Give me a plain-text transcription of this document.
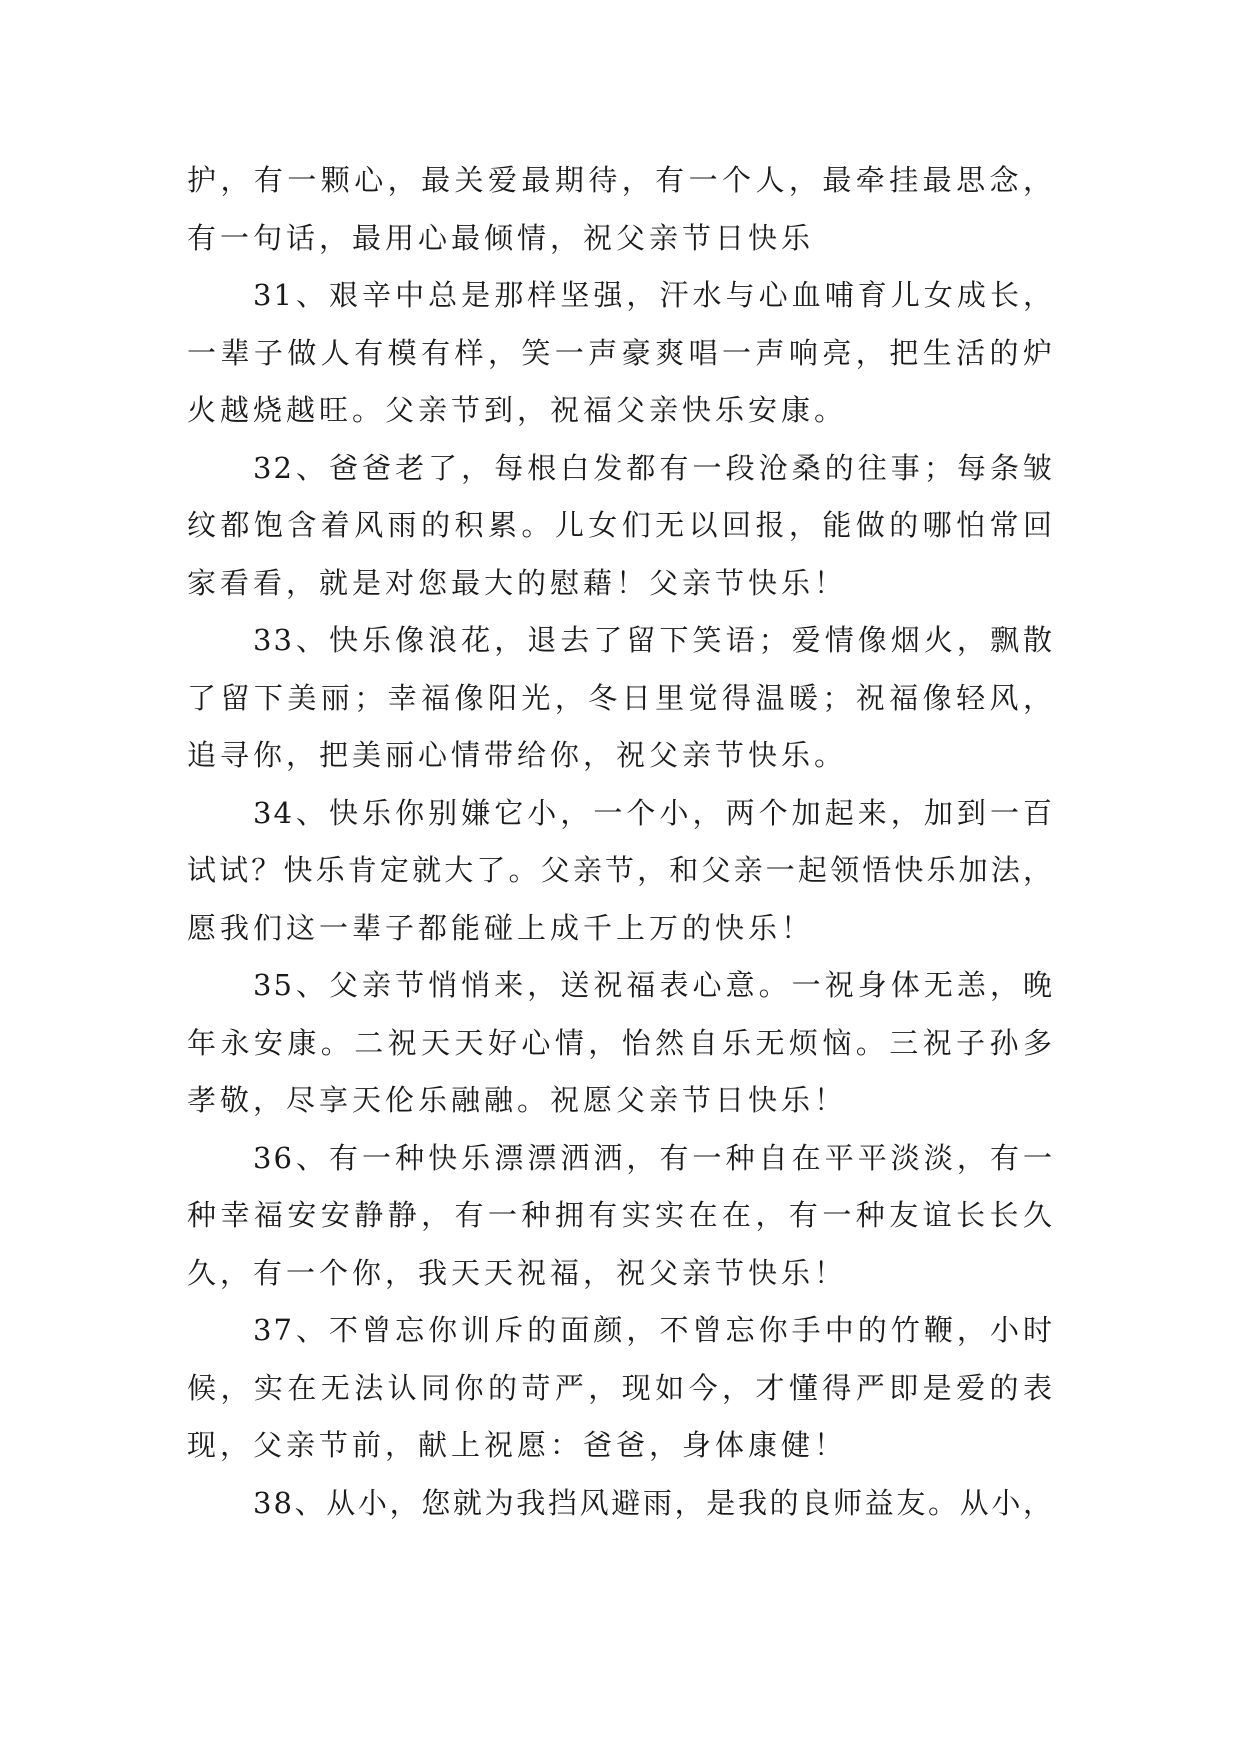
护，有一颗心，最关爱最期待，有一个人，最牵挂最思念，
有一句话，最用心最倾情，祝父亲节日快乐
31、艰辛中总是那样坚强，汗水与心血哺育儿女成长，
一辈子做人有模有样，笑一声豪爽唱一声响亮，把生活的炉
火越烧越旺。父亲节到，祝福父亲快乐安康。
32、爸爸老了，每根白发都有一段沧桑的往事；每条皱
纹都饱含着风雨的积累。儿女们无以回报，能做的哪怕常回
家看看，就是对您最大的慰藉！父亲节快乐！
33、快乐像浪花，退去了留下笑语；爱情像烟火，飘散
了留下美丽；幸福像阳光，冬日里觉得温暖；祝福像轻风，
追寻你，把美丽心情带给你，祝父亲节快乐。
34、快乐你别嫌它小，一个小，两个加起来，加到一百
试试？快乐肯定就大了。父亲节，和父亲一起领悟快乐加法，
愿我们这一辈子都能碰上成千上万的快乐！
35、父亲节悄悄来，送祝福表心意。一祝身体无恙，晚
年永安康。二祝天天好心情，怡然自乐无烦恼。三祝子孙多
孝敬，尽享天伦乐融融。祝愿父亲节日快乐！
36、有一种快乐漂漂洒洒，有一种自在平平淡淡，有一
种幸福安安静静，有一种拥有实实在在，有一种友谊长长久
久，有一个你，我天天祝福，祝父亲节快乐！
37、不曾忘你训斥的面颜，不曾忘你手中的竹鞭，小时
候，实在无法认同你的苛严，现如今，才懂得严即是爱的表
现，父亲节前，献上祝愿：爸爸，身体康健！
38、从小，您就为我挡风避雨，是我的良师益友。从小，
